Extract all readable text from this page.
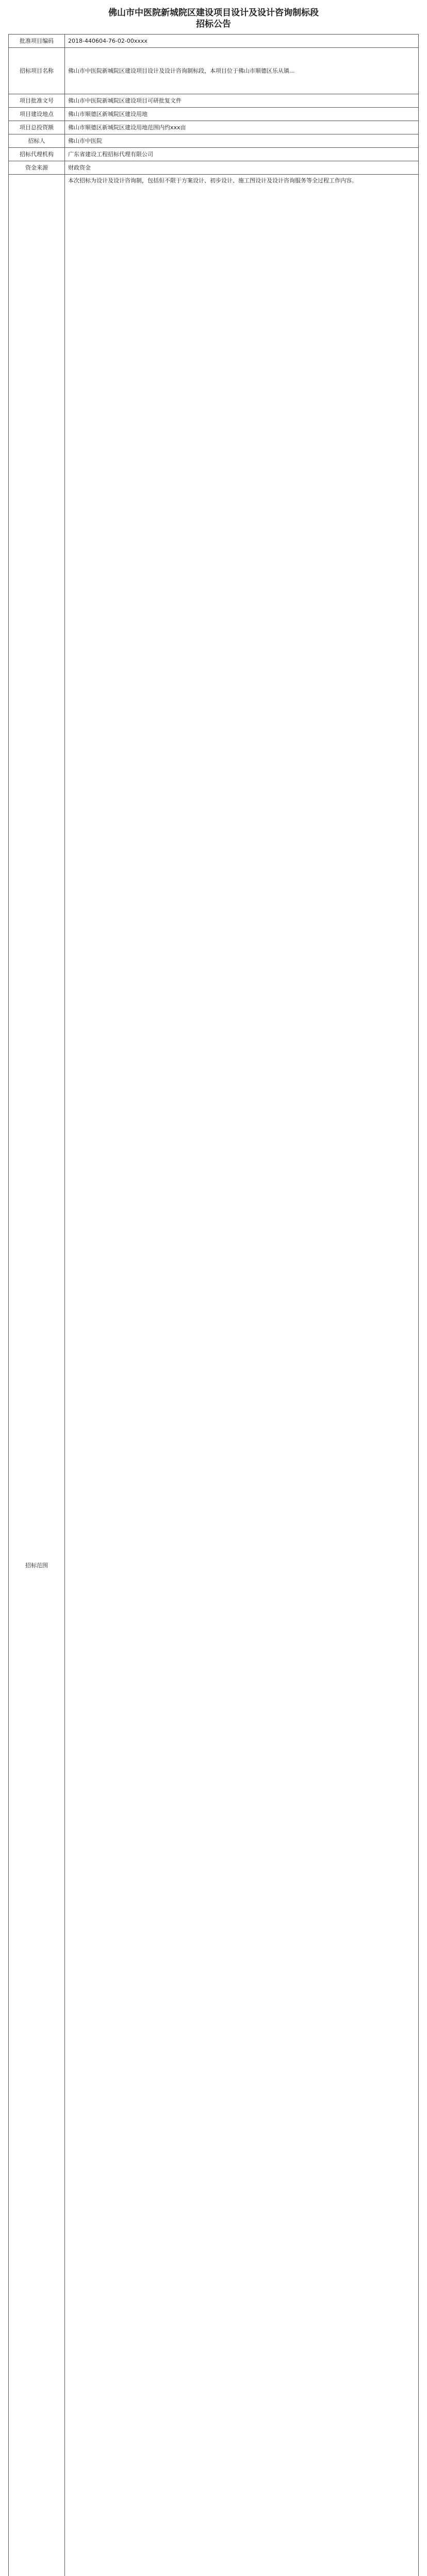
佛山市中医院新城院区建设项目设计及设计咨询制标段
招标公告
批准项目编码	2018-440604-76-02-00xxxx
招标项目名称	佛山市中医院新城院区建设项目设计及设计咨询制标段，本项目位于佛山市顺德区乐从镇...
项目批准文号	佛山市中医院新城院区建设项目可研批复文件
项目建设地点	佛山市顺德区新城院区建设用地
项目总投资额	佛山市顺德区新城院区建设用地范围内约xxx亩
招标人	佛山市中医院
招标代理机构	广东省建设工程招标代理有限公司
资金来源	财政资金
招标范围	本次招标为设计及设计咨询制，包括但不限于方案设计、初步设计、施工图设计及设计咨询服务等全过程工作内容。
